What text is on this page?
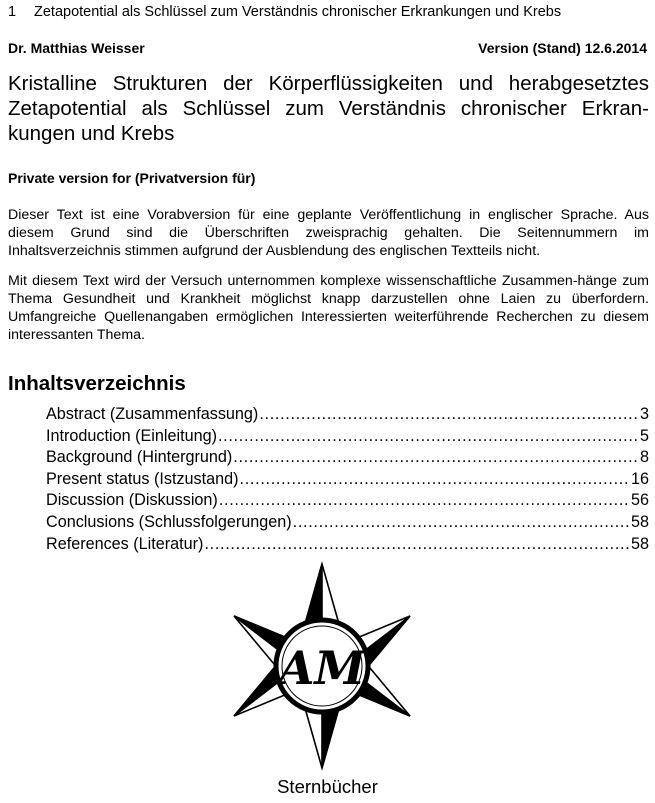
1 Zetapotential als Schlüssel zum Verständnis chronischer Erkrankungen und Krebs
Dr. Matthias Weisser	Version (Stand) 12.6.2014
Kristalline Strukturen der Körperflüssigkeiten und herabgesetztes Zetapotential als Schlüssel zum Verständnis chronischer Erkran-kungen und Krebs

Private version for (Privatversion für)

Dieser Text ist eine Vorabversion für eine geplante Veröffentlichung in englischer Sprache. Aus diesem Grund sind die Überschriften zweisprachig gehalten. Die Seitennummern im Inhaltsverzeichnis stimmen aufgrund der Ausblendung des englischen Textteils nicht.

Mit diesem Text wird der Versuch unternommen komplexe wissenschaftliche Zusammen-hänge zum Thema Gesundheit und Krankheit möglichst knapp darzustellen ohne Laien zu überfordern. Umfangreiche Quellenangaben ermöglichen Interessierten weiterführende Recherchen zu diesem interessanten Thema.

Inhaltsverzeichnis
Abstract (Zusammenfassung) . . .	3
Introduction (Einleitung) . . .	5
Background (Hintergrund) . . .	8
Present status (Istzustand) . . .	16
Discussion (Diskussion) . . .	56
Conclusions (Schlussfolgerungen) . . .	58
References (Literatur) . . .	58
AM
Sternbücher
